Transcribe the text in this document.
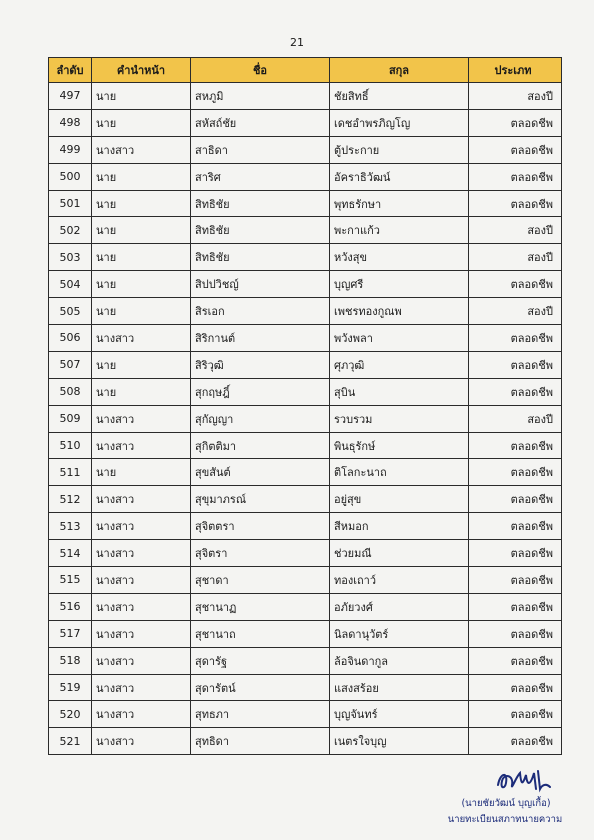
21
ลำดับ	คำนำหน้า	ชื่อ	สกุล	ประเภท
497	นาย	สหภูมิ	ชัยสิทธิ์	สองปี
498	นาย	สหัสถ์ชัย	เดชอำพรภิญโญ	ตลอดชีพ
499	นางสาว	สาธิดา	ตู้ประกาย	ตลอดชีพ
500	นาย	สาริศ	อัคราธิวัฒน์	ตลอดชีพ
501	นาย	สิทธิชัย	พุทธรักษา	ตลอดชีพ
502	นาย	สิทธิชัย	พะกาแก้ว	สองปี
503	นาย	สิทธิชัย	หวังสุข	สองปี
504	นาย	สิปปวิชญ์	บุญศรี	ตลอดชีพ
505	นาย	สิรเอก	เพชรทองกูณพ	สองปี
506	นางสาว	สิริกานต์	พวังพลา	ตลอดชีพ
507	นาย	สิริวุฒิ	ศุภวุฒิ	ตลอดชีพ
508	นาย	สุกฤษฎิ์	สุบิน	ตลอดชีพ
509	นางสาว	สุกัญญา	รวบรวม	สองปี
510	นางสาว	สุกิตติมา	พินธุรักษ์	ตลอดชีพ
511	นาย	สุขสันต์	ติโลกะนาถ	ตลอดชีพ
512	นางสาว	สุขุมาภรณ์	อยู่สุข	ตลอดชีพ
513	นางสาว	สุจิตตรา	สีหมอก	ตลอดชีพ
514	นางสาว	สุจิตรา	ช่วยมณี	ตลอดชีพ
515	นางสาว	สุชาดา	ทองเถาว์	ตลอดชีพ
516	นางสาว	สุชานาฏ	อภัยวงศ์	ตลอดชีพ
517	นางสาว	สุชานาถ	นิลดานุวัตร์	ตลอดชีพ
518	นางสาว	สุดารัฐ	ล้อจินดากูล	ตลอดชีพ
519	นางสาว	สุดารัตน์	แสงสร้อย	ตลอดชีพ
520	นางสาว	สุทธภา	บุญจันทร์	ตลอดชีพ
521	นางสาว	สุทธิดา	เนตรใจบุญ	ตลอดชีพ
(นายชัยวัฒน์ บุญเกื้อ)
นายทะเบียนสภาทนายความ
